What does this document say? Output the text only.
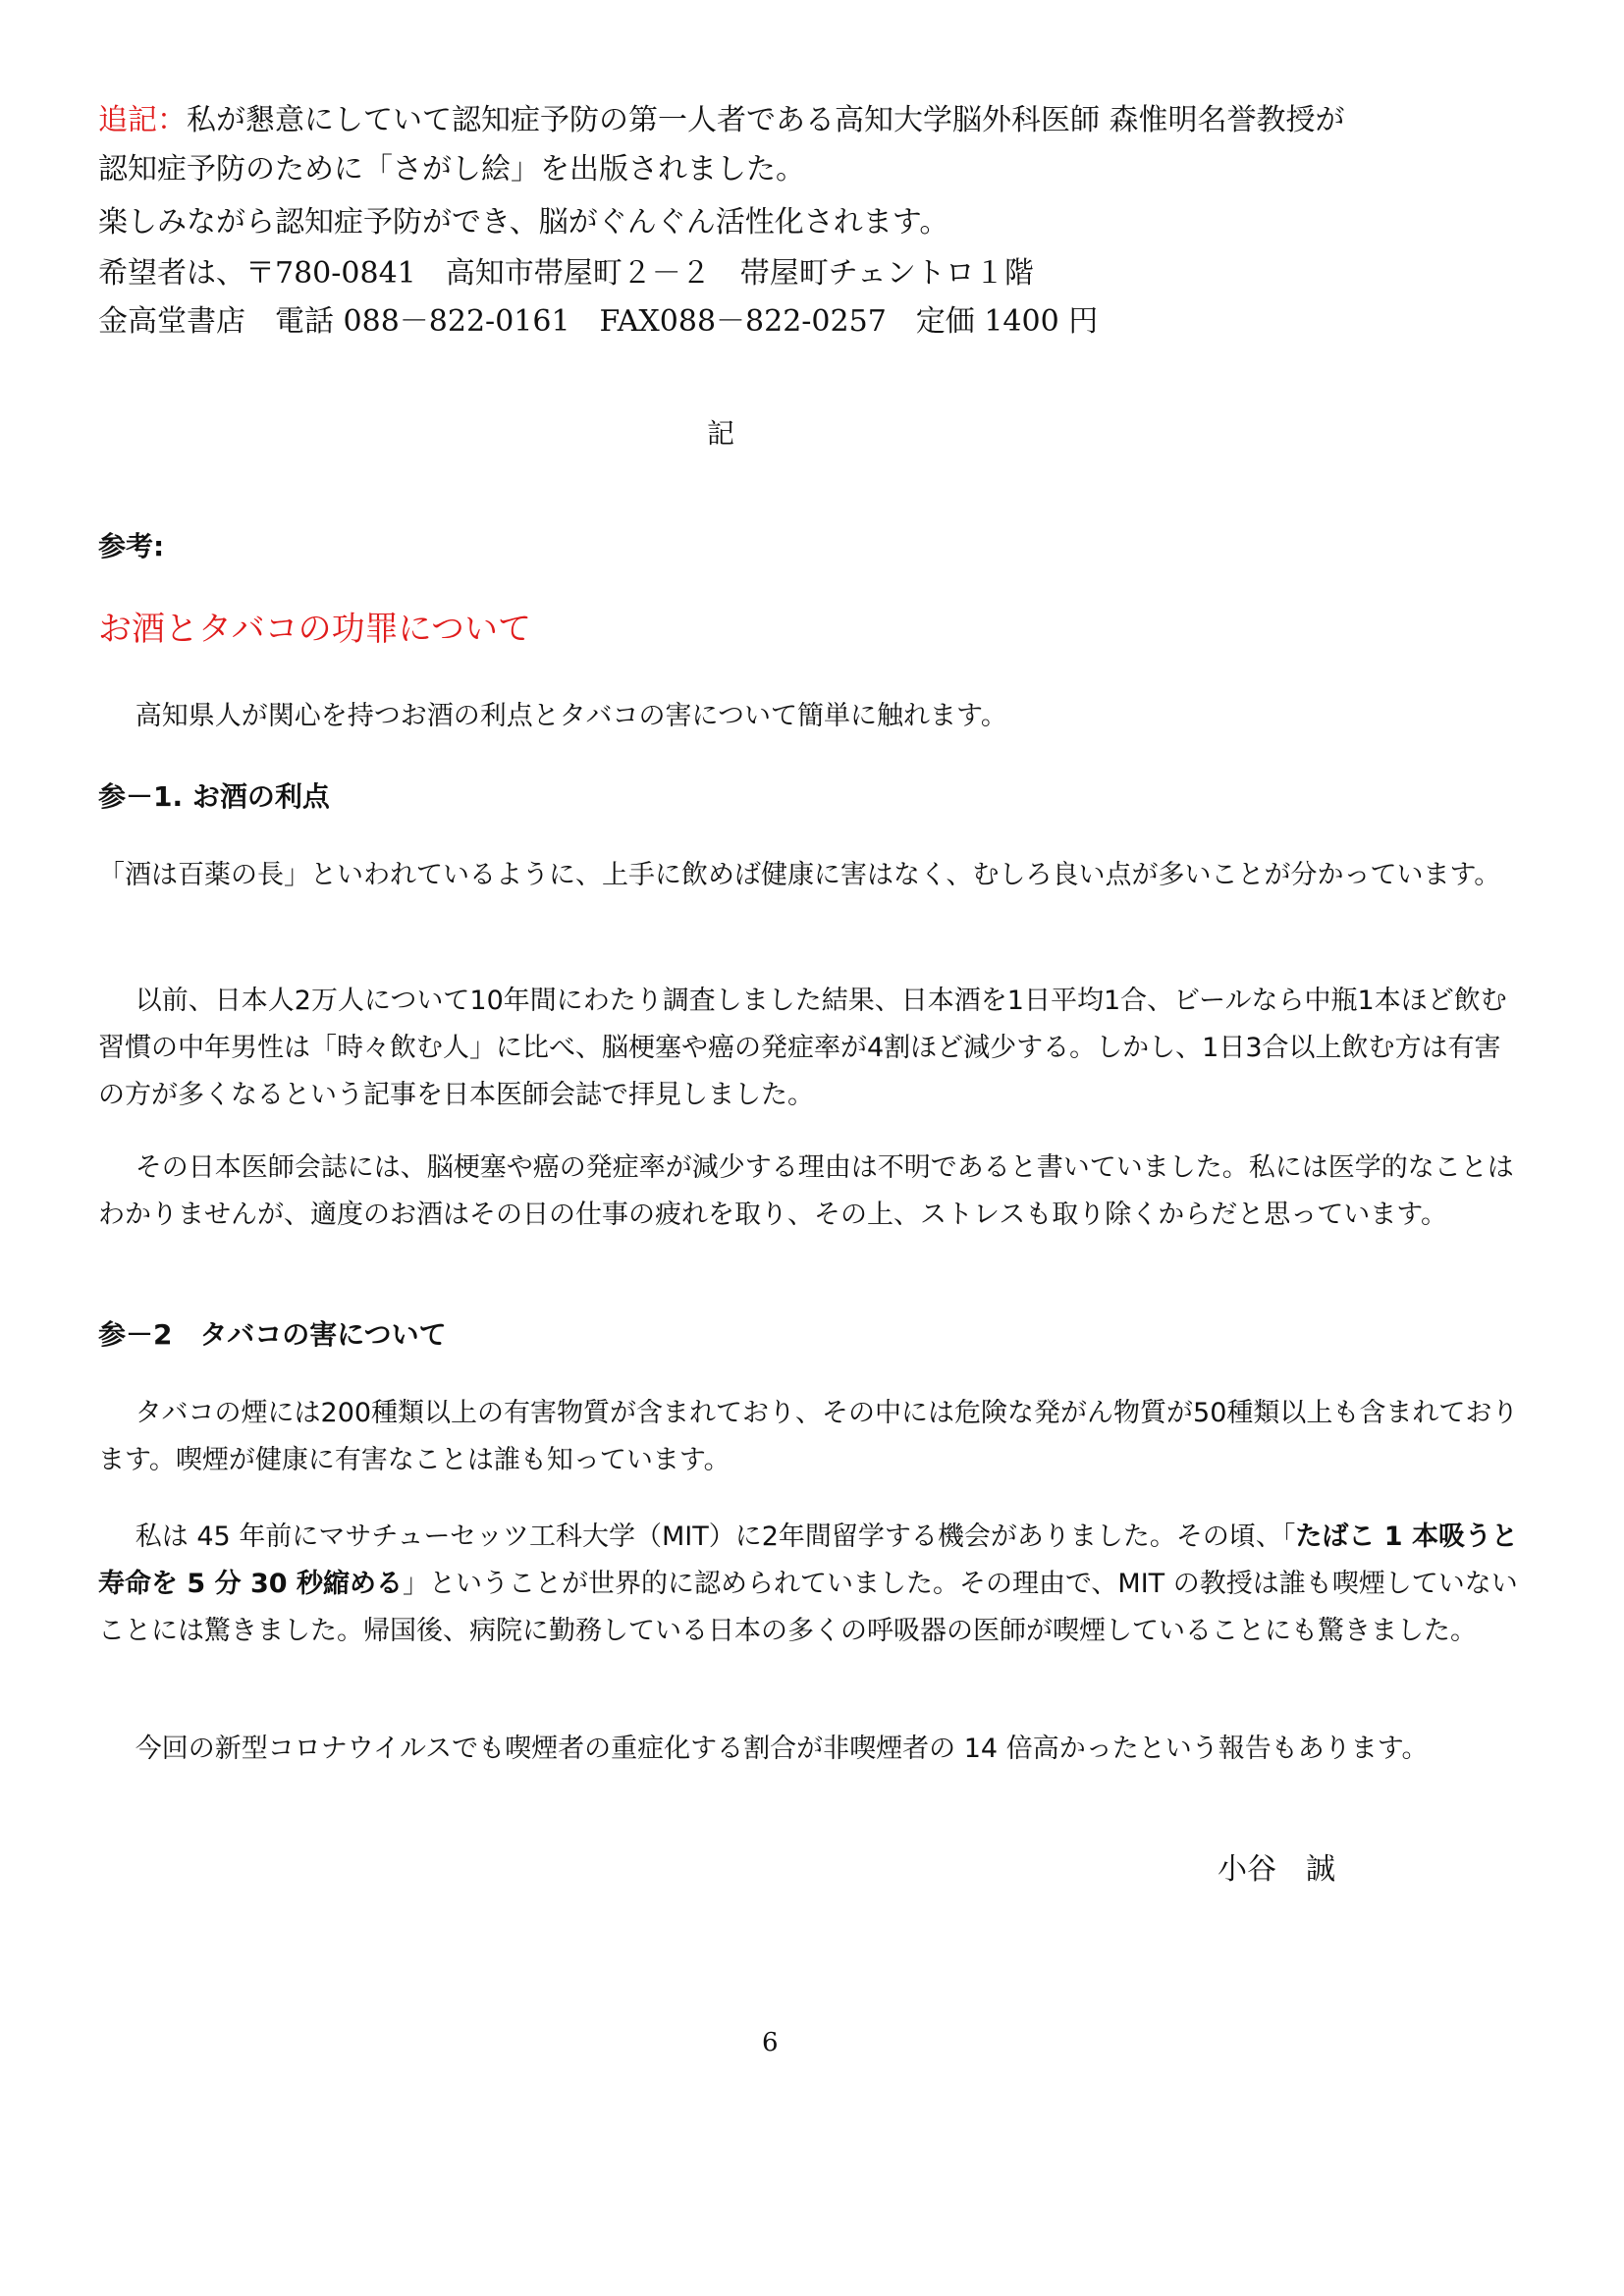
追記：私が懇意にしていて認知症予防の第一人者である高知大学脳外科医師 森惟明名誉教授が
認知症予防のために「さがし絵」を出版されました。
楽しみながら認知症予防ができ、脳がぐんぐん活性化されます。
希望者は、〒780-0841　高知市帯屋町２－２　帯屋町チェントロ１階
金高堂書店　電話 088－822-0161　FAX088－822-0257　定価 1400 円
記
参考:
お酒とタバコの功罪について
高知県人が関心を持つお酒の利点とタバコの害について簡単に触れます。
参－1. お酒の利点
「酒は百薬の長」といわれているように、上手に飲めば健康に害はなく、むしろ良い点が多いことが分かっています。
以前、日本人2万人について10年間にわたり調査しました結果、日本酒を1日平均1合、ビールなら中瓶1本ほど飲む習慣の中年男性は「時々飲む人」に比べ、脳梗塞や癌の発症率が4割ほど減少する。しかし、1日3合以上飲む方は有害の方が多くなるという記事を日本医師会誌で拝見しました。
その日本医師会誌には、脳梗塞や癌の発症率が減少する理由は不明であると書いていました。私には医学的なことはわかりませんが、適度のお酒はその日の仕事の疲れを取り、その上、ストレスも取り除くからだと思っています。
参－2　タバコの害について
タバコの煙には200種類以上の有害物質が含まれており、その中には危険な発がん物質が50種類以上も含まれております。喫煙が健康に有害なことは誰も知っています。
私は 45 年前にマサチューセッツ工科大学（MIT）に2年間留学する機会がありました。その頃、「たばこ 1 本吸うと寿命を 5 分 30 秒縮める」ということが世界的に認められていました。その理由で、MIT の教授は誰も喫煙していないことには驚きました。帰国後、病院に勤務している日本の多くの呼吸器の医師が喫煙していることにも驚きました。
今回の新型コロナウイルスでも喫煙者の重症化する割合が非喫煙者の 14 倍高かったという報告もあります。
小谷　誠
6
